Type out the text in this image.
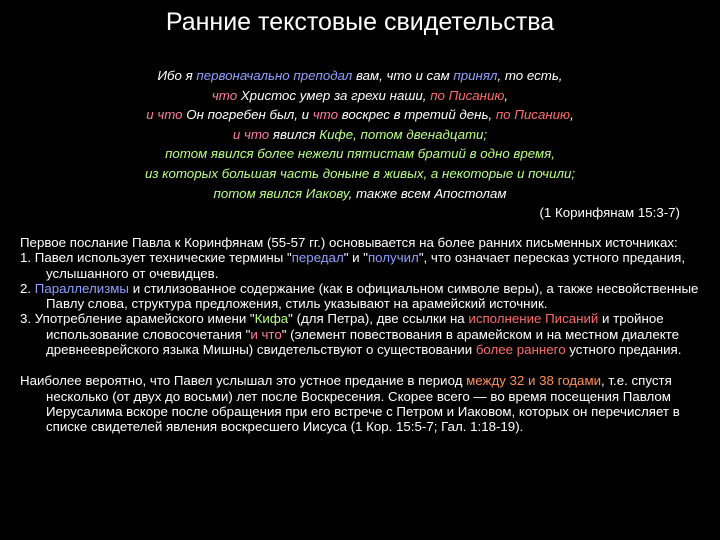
Ранние текстовые свидетельства
Ибо я первоначально преподал вам, что и сам принял, то есть,
что Христос умер за грехи наши, по Писанию,
и что Он погребен был, и что воскрес в третий день, по Писанию,
и что явился Кифе, потом двенадцати;
потом явился более нежели пятистам братий в одно время,
из которых большая часть доныне в живых, а некоторые и почили;
потом явился Иакову, также всем Апостолам
(1 Коринфянам 15:3-7)

Первое послание Павла к Коринфянам (55-57 гг.) основывается на более ранних письменных источниках:

1. Павел использует технические термины "передал" и "получил", что означает пересказ устного предания, услышанного от очевидцев.

2. Параллелизмы и стилизованное содержание (как в официальном символе веры), а также несвойственные Павлу слова, структура предложения, стиль указывают на арамейский источник.

3. Употребление арамейского имени "Кифа" (для Петра), две ссылки на исполнение Писаний и тройное использование словосочетания "и что" (элемент повествования в арамейском и на местном диалекте древнееврейского языка Мишны) свидетельствуют о существовании более раннего устного предания.

Наиболее вероятно, что Павел услышал это устное предание в период между 32 и 38 годами, т.е. спустя несколько (от двух до восьми) лет после Воскресения. Скорее всего — во время посещения Павлом Иерусалима вскоре после обращения при его встрече с Петром и Иаковом, которых он перечисляет в списке свидетелей явления воскресшего Иисуса (1 Кор. 15:5-7; Гал. 1:18-19).
